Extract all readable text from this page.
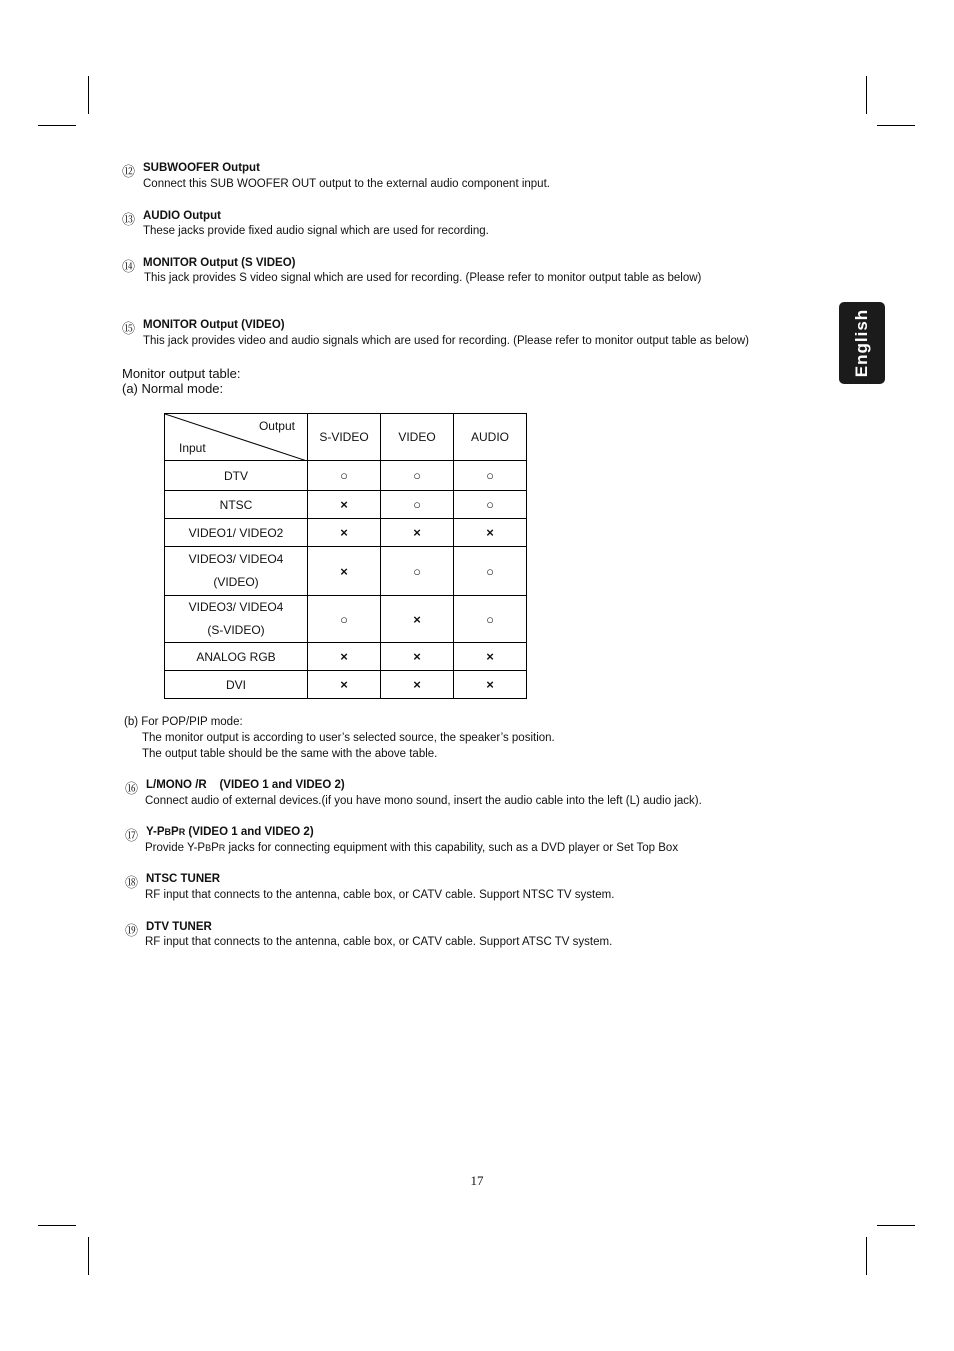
English
⑫ SUBWOOFER Output
Connect this SUB WOOFER OUT output to the external audio component input.
⑬ AUDIO Output
These jacks provide fixed audio signal which are used for recording.
⑭ MONITOR Output (S VIDEO)
This jack provides S video signal which are used for recording. (Please refer to monitor output table as below)
⑮ MONITOR Output (VIDEO)
This jack provides video and audio signals which are used for recording. (Please refer to monitor output table as below)
Monitor output table:
(a) Normal mode:
Output
Input	S-VIDEO	VIDEO	AUDIO
DTV	○	○	○
NTSC	×	○	○
VIDEO1/ VIDEO2	×	×	×

VIDEO3/ VIDEO4
(VIDEO)	×	○	○

VIDEO3/ VIDEO4
(S-VIDEO)	○	×	○
ANALOG RGB	×	×	×
DVI	×	×	×
(b) For POP/PIP mode:
The monitor output is according to user’s selected source, the speaker’s position.
The output table should be the same with the above table.
⑯ L/MONO /R    (VIDEO 1 and VIDEO 2)
Connect audio of external devices.(if you have mono sound, insert the audio cable into the left (L) audio jack).
⑰ Y-PBPR (VIDEO 1 and VIDEO 2)
Provide Y-PBPR jacks for connecting equipment with this capability, such as a DVD player or Set Top Box
⑱ NTSC TUNER
RF input that connects to the antenna, cable box, or CATV cable. Support NTSC TV system.
⑲ DTV TUNER
RF input that connects to the antenna, cable box, or CATV cable. Support ATSC TV system.
17
